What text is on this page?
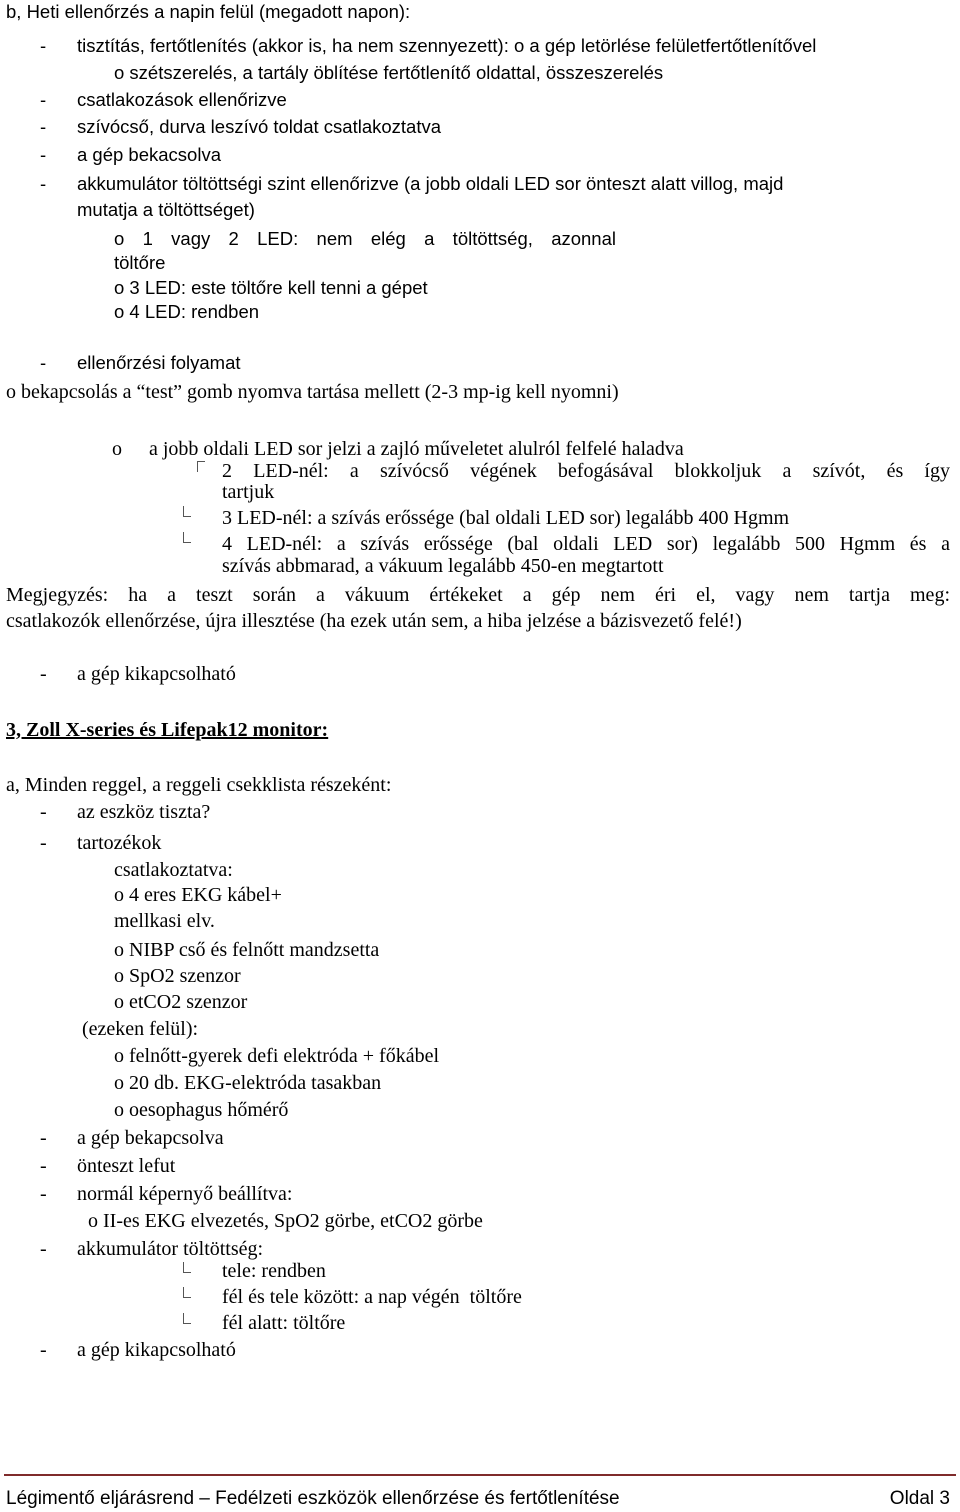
b, Heti ellenőrzés a napin felül (megadott napon):
- tisztítás, fertőtlenítés (akkor is, ha nem szennyezett): o a gép letörlése felületfertőtlenítővel
o szétszerelés, a tartály öblítése fertőtlenítő oldattal, összeszerelés
- csatlakozások ellenőrizve
- szívócső, durva leszívó toldat csatlakoztatva
- a gép bekacsolva
- akkumulátor töltöttségi szint ellenőrizve (a jobb oldali LED sor önteszt alatt villog, majd
mutatja a töltöttséget)
o 1 vagy 2 LED: nem elég a töltöttség, azonnal
töltőre
o 3 LED: este töltőre kell tenni a gépet
o 4 LED: rendben
- ellenőrzési folyamat
o bekapcsolás a “test” gomb nyomva tartása mellett (2-3 mp-ig kell nyomni)
o a jobb oldali LED sor jelzi a zajló műveletet alulról felfelé haladva
2 LED-nél: a szívócső végének befogásával blokkoljuk a szívót, és így
tartjuk
3 LED-nél: a szívás erőssége (bal oldali LED sor) legalább 400 Hgmm
4 LED-nél: a szívás erőssége (bal oldali LED sor) legalább 500 Hgmm és a
szívás abbmarad, a vákuum legalább 450-en megtartott
Megjegyzés: ha a teszt során a vákuum értékeket a gép nem éri el, vagy nem tartja meg:
csatlakozók ellenőrzése, újra illesztése (ha ezek után sem, a hiba jelzése a bázisvezető felé!)
- a gép kikapcsolható
3, Zoll X-series és Lifepak12 monitor:
a, Minden reggel, a reggeli csekklista részeként:
- az eszköz tiszta?
- tartozékok
csatlakoztatva:
o 4 eres EKG kábel+
mellkasi elv.
o NIBP cső és felnőtt mandzsetta
o SpO2 szenzor
o etCO2 szenzor
(ezeken felül):
o felnőtt-gyerek defi elektróda + főkábel
o 20 db. EKG-elektróda tasakban
o oesophagus hőmérő
- a gép bekapcsolva
- önteszt lefut
- normál képernyő beállítva:
o II-es EKG elvezetés, SpO2 görbe, etCO2 görbe
- akkumulátor töltöttség:
tele: rendben
fél és tele között: a nap végén  töltőre
fél alatt: töltőre
- a gép kikapcsolható
Légimentő eljárásrend – Fedélzeti eszközök ellenőrzése és fertőtlenítése	Oldal 3
